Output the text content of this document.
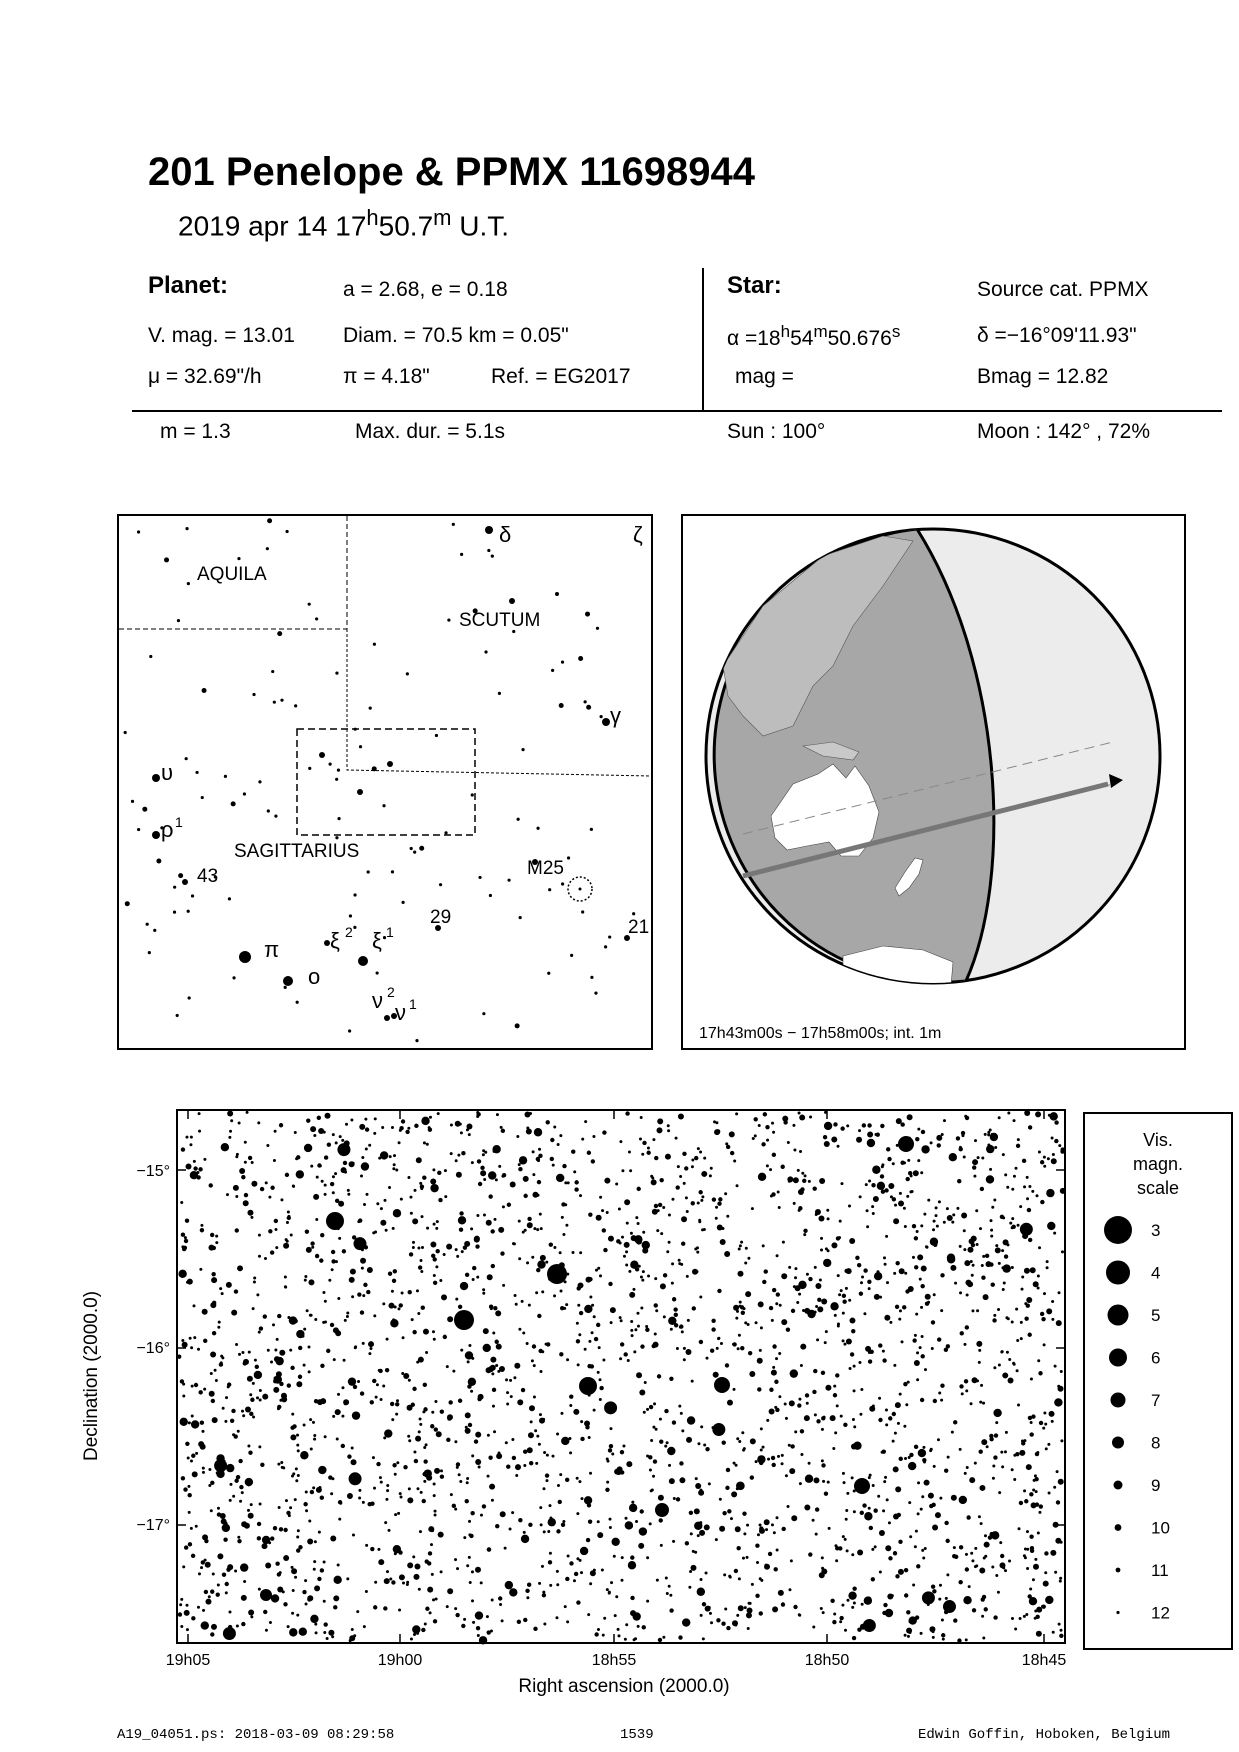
201 Penelope & PPMX 11698944
2019 apr 14 17$^h$50.7$^m$ U.T.
Planet:	a = 2.68, e = 0.18
V. mag. = 13.01 Diam. = 70.5 km = 0.05"
μ = 32.69"/h	π = 4.18"	Ref. = EG2017
Star:	Source cat. PPMX
$\alpha =18^h54^m50.676^s$	δ =−16°09'11.93"
mag =	Bmag = 12.82
m = 1.3	Max. dur. = 5.1s	Sun : 100°	Moon : 142° , 72%
AQUILA
SCUTUM
SAGITTARIUS
δ	ζ
γ
υ
ρ 1
43	M25
29	21
ξ 2 ξ 1
π
ο
ν 2
ν 1
17h43m00s − 17h58m00s; int. 1m
−15°
−16°
−17°
19h05	19h00	18h55	18h50	18h45
Right ascension (2000.0)
Declination (2000.0)
Vis.
magn.
scale
3
4
5
6
7
8
9
10
11
12
A19_04051.ps: 2018-03-09 08:29:58	1539	Edwin Goffin, Hoboken, Belgium
